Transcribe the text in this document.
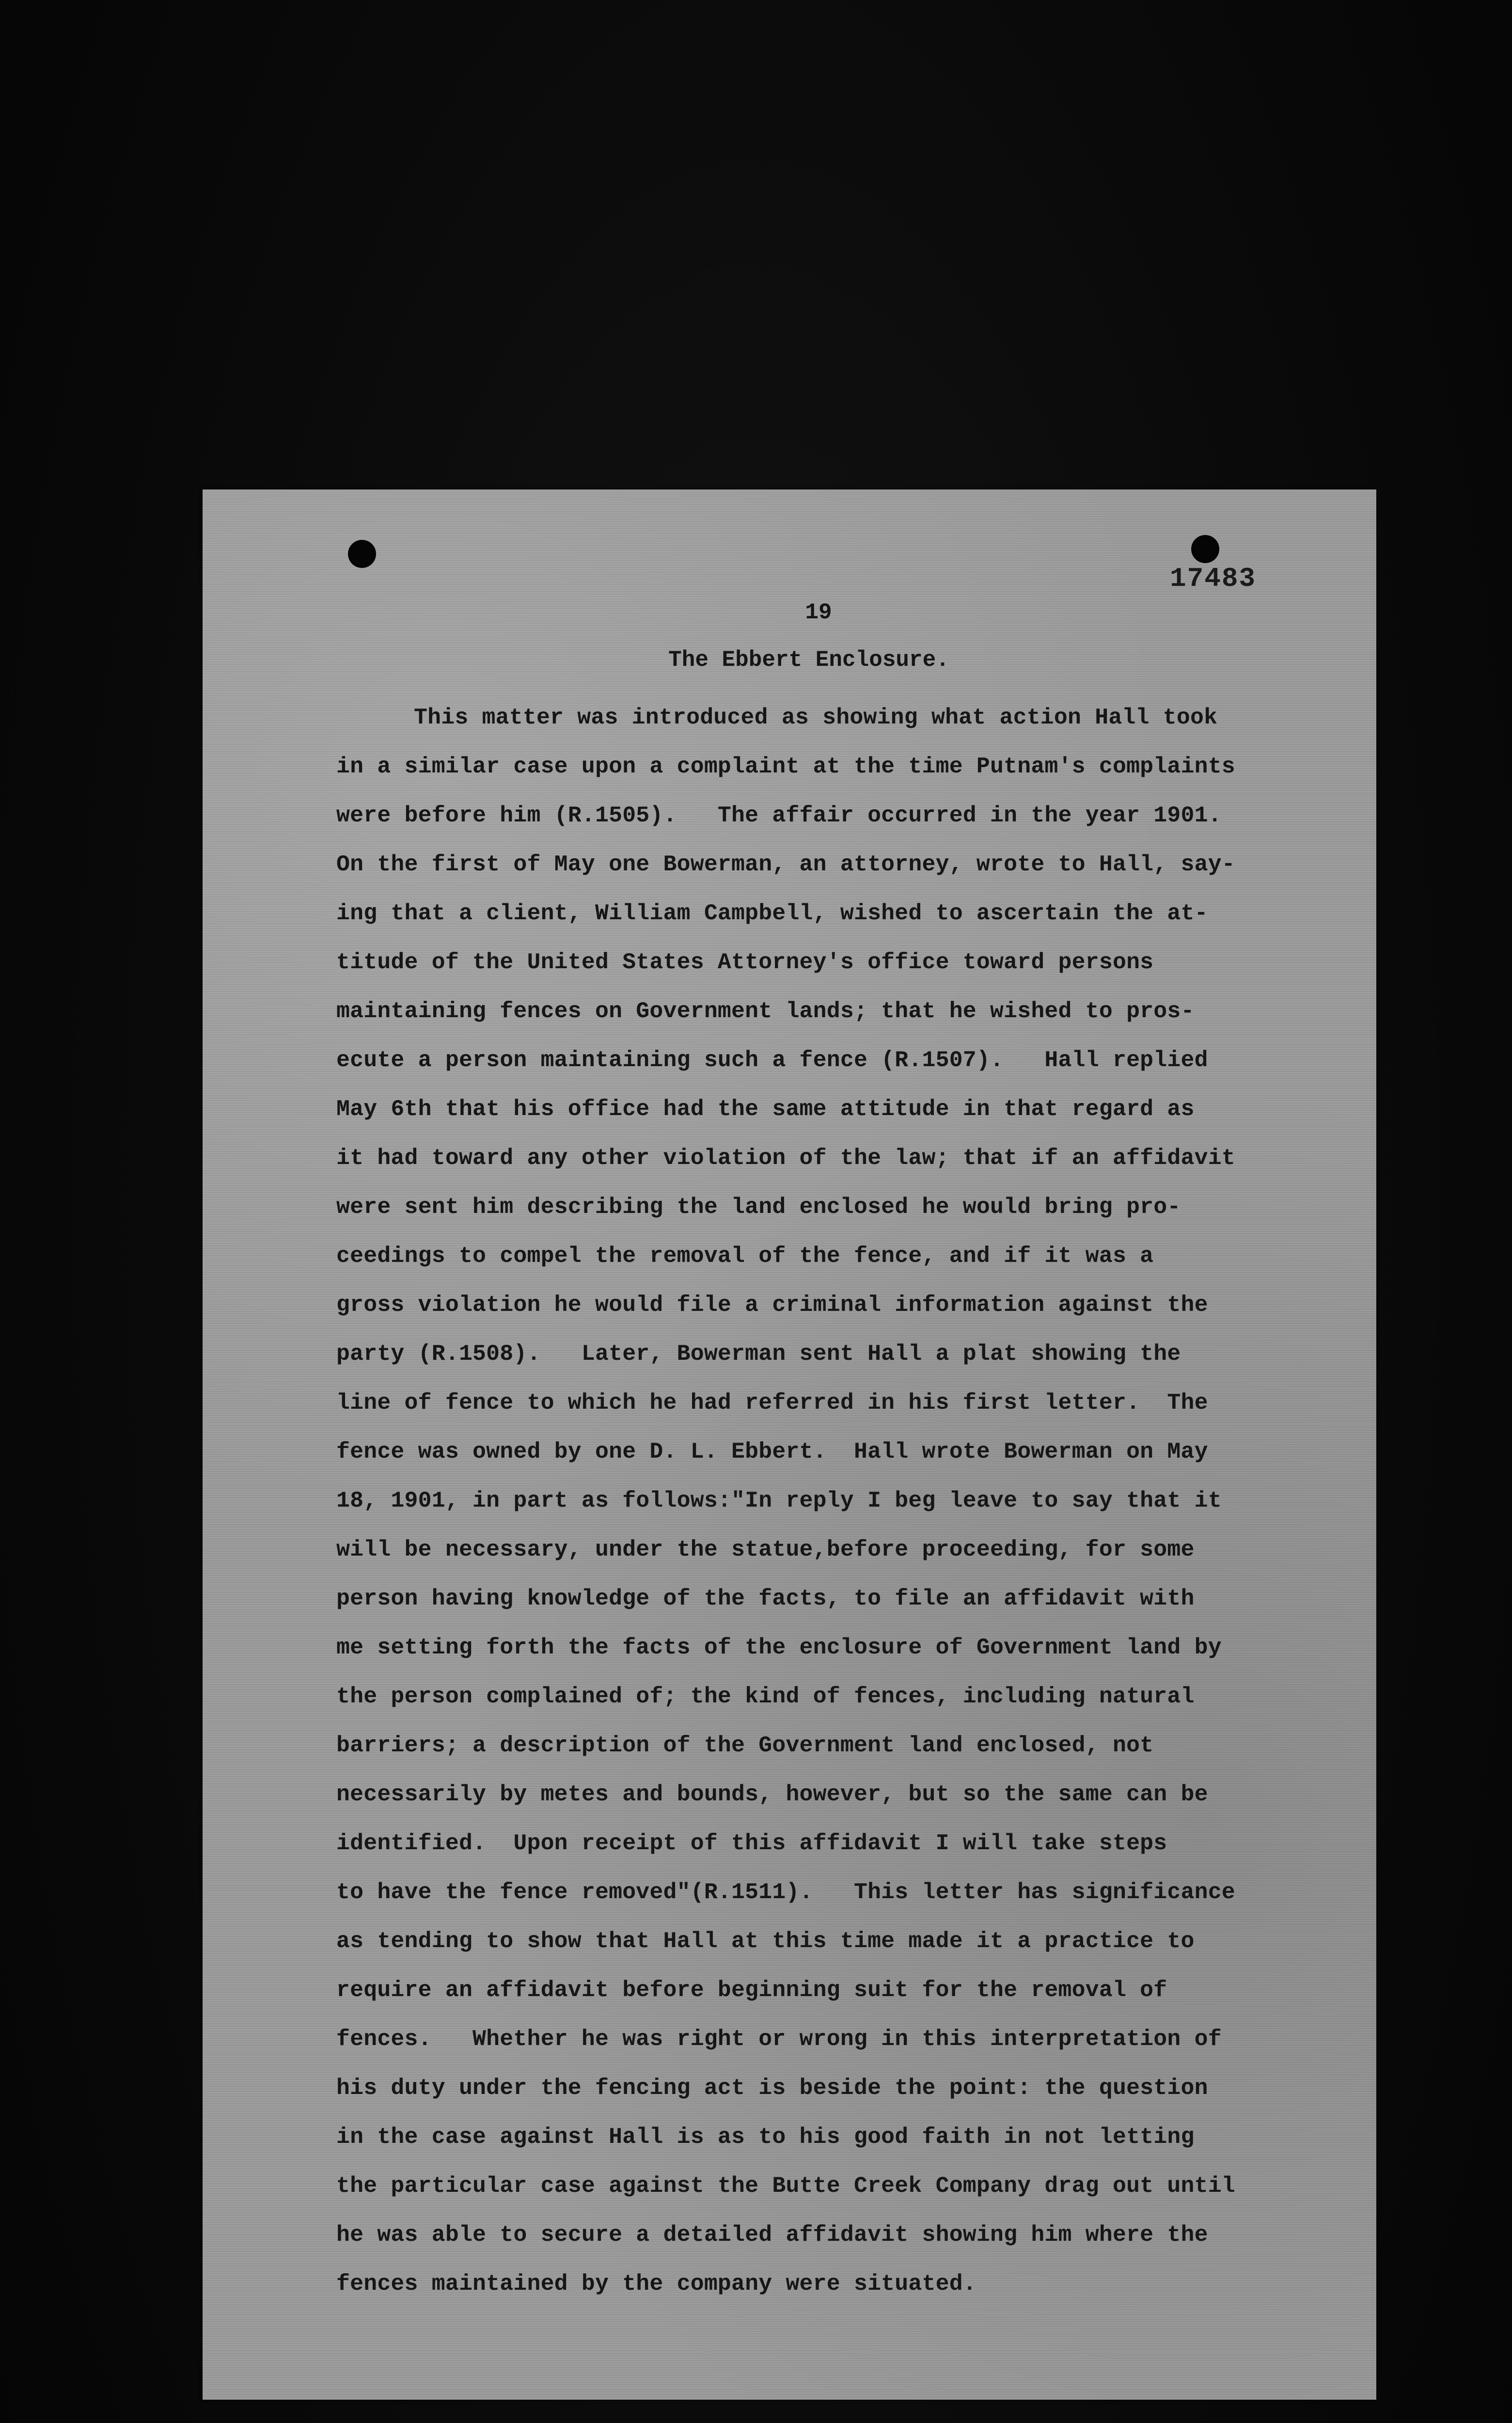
17483
19
The Ebbert Enclosure.
This matter was introduced as showing what action Hall took
in a similar case upon a complaint at the time Putnam's complaints
were before him (R.1505).   The affair occurred in the year 1901.
On the first of May one Bowerman, an attorney, wrote to Hall, say-
ing that a client, William Campbell, wished to ascertain the at-
titude of the United States Attorney's office toward persons
maintaining fences on Government lands; that he wished to pros-
ecute a person maintaining such a fence (R.1507).   Hall replied
May 6th that his office had the same attitude in that regard as
it had toward any other violation of the law; that if an affidavit
were sent him describing the land enclosed he would bring pro-
ceedings to compel the removal of the fence, and if it was a
gross violation he would file a criminal information against the
party (R.1508).   Later, Bowerman sent Hall a plat showing the
line of fence to which he had referred in his first letter.  The
fence was owned by one D. L. Ebbert.  Hall wrote Bowerman on May
18, 1901, in part as follows:"In reply I beg leave to say that it
will be necessary, under the statue,before proceeding, for some
person having knowledge of the facts, to file an affidavit with
me setting forth the facts of the enclosure of Government land by
the person complained of; the kind of fences, including natural
barriers; a description of the Government land enclosed, not
necessarily by metes and bounds, however, but so the same can be
identified.  Upon receipt of this affidavit I will take steps
to have the fence removed"(R.1511).   This letter has significance
as tending to show that Hall at this time made it a practice to
require an affidavit before beginning suit for the removal of
fences.   Whether he was right or wrong in this interpretation of
his duty under the fencing act is beside the point: the question
in the case against Hall is as to his good faith in not letting
the particular case against the Butte Creek Company drag out until
he was able to secure a detailed affidavit showing him where the
fences maintained by the company were situated.
